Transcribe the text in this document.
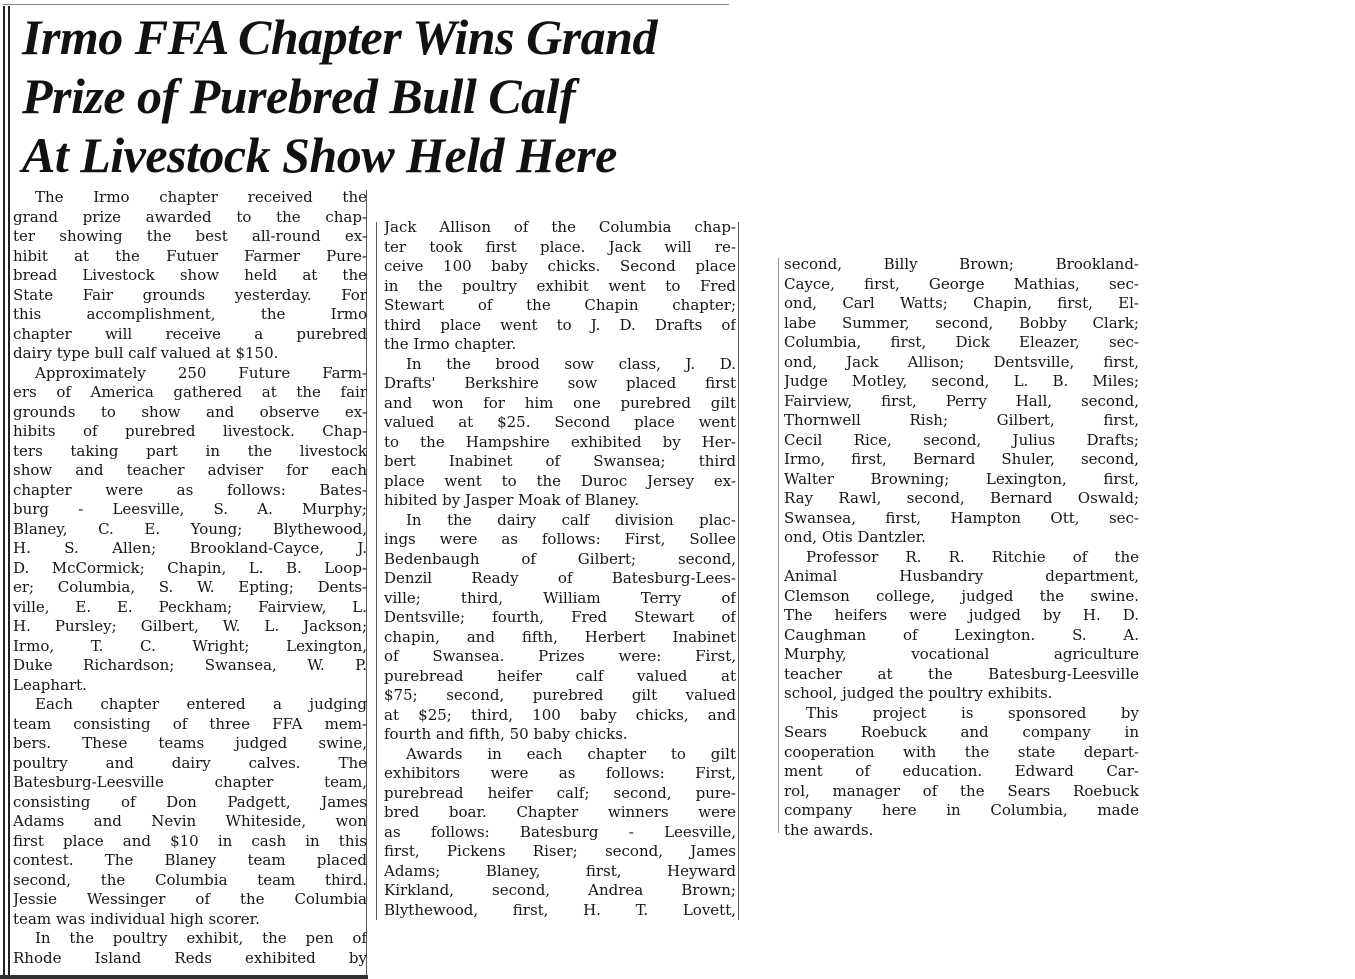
Irmo FFA Chapter Wins Grand
Prize of Purebred Bull Calf
At Livestock Show Held Here
The Irmo chapter received the
grand prize awarded to the chap-
ter showing the best all-round ex-
hibit at the Futuer Farmer Pure-
bread Livestock show held at the
State Fair grounds yesterday. For
this accomplishment, the Irmo
chapter will receive a purebred
dairy type bull calf valued at $150.
Approximately 250 Future Farm-
ers of America gathered at the fair
grounds to show and observe ex-
hibits of purebred livestock. Chap-
ters taking part in the livestock
show and teacher adviser for each
chapter were as follows: Bates-
burg - Leesville, S. A. Murphy;
Blaney, C. E. Young; Blythewood,
H. S. Allen; Brookland-Cayce, J.
D. McCormick; Chapin, L. B. Loop-
er; Columbia, S. W. Epting; Dents-
ville, E. E. Peckham; Fairview, L.
H. Pursley; Gilbert, W. L. Jackson;
Irmo, T. C. Wright; Lexington,
Duke Richardson; Swansea, W. P.
Leaphart.
Each chapter entered a judging
team consisting of three FFA mem-
bers. These teams judged swine,
poultry and dairy calves. The
Batesburg-Leesville chapter team,
consisting of Don Padgett, James
Adams and Nevin Whiteside, won
first place and $10 in cash in this
contest. The Blaney team placed
second, the Columbia team third.
Jessie Wessinger of the Columbia
team was individual high scorer.
In the poultry exhibit, the pen of
Rhode Island Reds exhibited by
Jack Allison of the Columbia chap-
ter took first place. Jack will re-
ceive 100 baby chicks. Second place
in the poultry exhibit went to Fred
Stewart of the Chapin chapter;
third place went to J. D. Drafts of
the Irmo chapter.
In the brood sow class, J. D.
Drafts' Berkshire sow placed first
and won for him one purebred gilt
valued at $25. Second place went
to the Hampshire exhibited by Her-
bert Inabinet of Swansea; third
place went to the Duroc Jersey ex-
hibited by Jasper Moak of Blaney.
In the dairy calf division plac-
ings were as follows: First, Sollee
Bedenbaugh of Gilbert; second,
Denzil Ready of Batesburg-Lees-
ville; third, William Terry of
Dentsville; fourth, Fred Stewart of
chapin, and fifth, Herbert Inabinet
of Swansea. Prizes were: First,
purebread heifer calf valued at
$75; second, purebred gilt valued
at $25; third, 100 baby chicks, and
fourth and fifth, 50 baby chicks.
Awards in each chapter to gilt
exhibitors were as follows: First,
purebread heifer calf; second, pure-
bred boar. Chapter winners were
as follows: Batesburg - Leesville,
first, Pickens Riser; second, James
Adams; Blaney, first, Heyward
Kirkland, second, Andrea Brown;
Blythewood, first, H. T. Lovett,
second, Billy Brown; Brookland-
Cayce, first, George Mathias, sec-
ond, Carl Watts; Chapin, first, El-
labe Summer, second, Bobby Clark;
Columbia, first, Dick Eleazer, sec-
ond, Jack Allison; Dentsville, first,
Judge Motley, second, L. B. Miles;
Fairview, first, Perry Hall, second,
Thornwell Rish; Gilbert, first,
Cecil Rice, second, Julius Drafts;
Irmo, first, Bernard Shuler, second,
Walter Browning; Lexington, first,
Ray Rawl, second, Bernard Oswald;
Swansea, first, Hampton Ott, sec-
ond, Otis Dantzler.
Professor R. R. Ritchie of the
Animal Husbandry department,
Clemson college, judged the swine.
The heifers were judged by H. D.
Caughman of Lexington. S. A.
Murphy, vocational agriculture
teacher at the Batesburg-Leesville
school, judged the poultry exhibits.
This project is sponsored by
Sears Roebuck and company in
cooperation with the state depart-
ment of education. Edward Car-
rol, manager of the Sears Roebuck
company here in Columbia, made
the awards.
